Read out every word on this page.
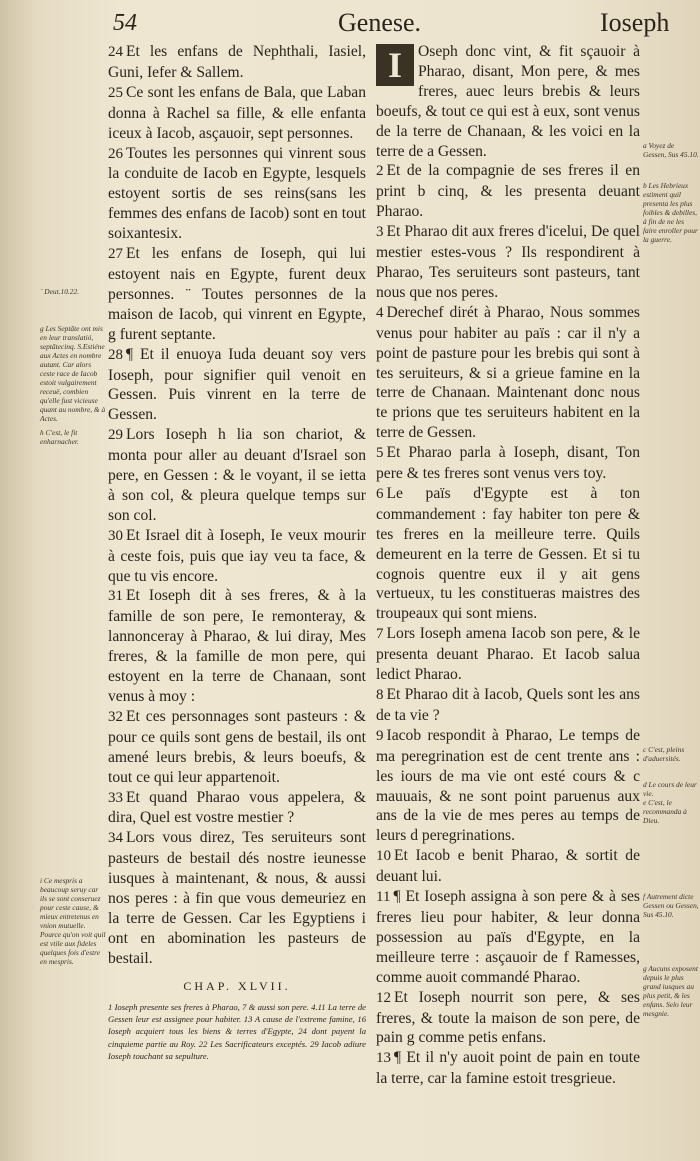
54	Genese.	Ioseph
¨ Deut.10.22.
g Les Septãte ont mis en leur translatió, septãtecinq. S.Estiéne aux Actes en nombre autant. Car alors ceste race de Iacob estoit vulgairement receuë, combien qu'elle fust vicieuse quant au nombre, & à Actes.
h C'est, le fit enharnacher.
i Ce mespris a beaucoup seruy car ils se sont conseruez pour ceste cause, & mieux entretenus en vnion mutuelle. Pource qu'on voit quil est vtile aux fideles quelques fois d'estre en mespris.
a Voyez de Gessen, Sus 45.10.
b Les Hebrieux estiment quil presenta les plus foibles & debilles, à fin de ne les faire enroller pour la guerre.
c C'est, pleins d'aduersités.
d Le cours de leur vie.
e C'est, le recommanda à Dieu.
f Autrement dicte Gessen ou Gessen, Sus 45.10.
g Aucuns exposent depuis le plus grand iusques au plus petit, & les enfans. Selo leur mesgnie.

24 Et les enfans de Nephthali, Iasiel, Guni, Iefer & Sallem.

25 Ce sont les enfans de Bala, que Laban donna à Rachel sa fille, & elle enfanta iceux à Iacob, asçauoir, sept personnes.

26 Toutes les personnes qui vinrent sous la conduite de Iacob en Egypte, lesquels estoyent sortis de ses reins(sans les femmes des enfans de Iacob) sont en tout soixantesix.

27 Et les enfans de Ioseph, qui lui estoyent nais en Egypte, furent deux personnes. ¨ Toutes personnes de la maison de Iacob, qui vinrent en Egypte, g furent septante.

28 ¶ Et il enuoya Iuda deuant soy vers Ioseph, pour signifier quil venoit en Gessen. Puis vinrent en la terre de Gessen.

29 Lors Ioseph h lia son chariot, & monta pour aller au deuant d'Israel son pere, en Gessen : & le voyant, il se ietta à son col, & pleura quelque temps sur son col.

30 Et Israel dit à Ioseph, Ie veux mourir à ceste fois, puis que iay veu ta face, & que tu vis encore.

31 Et Ioseph dit à ses freres, & à la famille de son pere, Ie remonteray, & lannonceray à Pharao, & lui diray, Mes freres, & la famille de mon pere, qui estoyent en la terre de Chanaan, sont venus à moy :

32 Et ces personnages sont pasteurs : & pour ce quils sont gens de bestail, ils ont amené leurs brebis, & leurs boeufs, & tout ce qui leur appartenoit.

33 Et quand Pharao vous appelera, & dira, Quel est vostre mestier ?

34 Lors vous direz, Tes seruiteurs sont pasteurs de bestail dés nostre ieunesse iusques à maintenant, & nous, & aussi nos peres : à fin que vous demeuriez en la terre de Gessen. Car les Egyptiens i ont en abomination les pasteurs de bestail.

CHAP. XLVII.
1 Ioseph presente ses freres à Pharao, 7 & aussi son pere. 4.11 La terre de Gessen leur est assignee pour habiter. 13 A cause de l'extreme famine, 16 Ioseph acquiert tous les biens & terres d'Egypte, 24 dont payent la cinquieme partie au Roy. 22 Les Sacrificateurs exceptés. 29 Iacob adiure Ioseph touchant sa sepulture.

I	Oseph donc vint, & fit sçauoir à Pharao, disant, Mon pere, & mes freres, auec leurs brebis & leurs boeufs, & tout ce qui est à eux, sont venus de la terre de Chanaan, & les voici en la terre de a Gessen.

2 Et de la compagnie de ses freres il en print b cinq, & les presenta deuant Pharao.

3 Et Pharao dit aux freres d'icelui, De quel mestier estes-vous ? Ils respondirent à Pharao, Tes seruiteurs sont pasteurs, tant nous que nos peres.

4 Derechef dirét à Pharao, Nous sommes venus pour habiter au païs : car il n'y a point de pasture pour les brebis qui sont à tes seruiteurs, & si a grieue famine en la terre de Chanaan. Maintenant donc nous te prions que tes seruiteurs habitent en la terre de Gessen.

5 Et Pharao parla à Ioseph, disant, Ton pere & tes freres sont venus vers toy.

6 Le païs d'Egypte est à ton commandement : fay habiter ton pere & tes freres en la meilleure terre. Quils demeurent en la terre de Gessen. Et si tu cognois quentre eux il y ait gens vertueux, tu les constitueras maistres des troupeaux qui sont miens.

7 Lors Ioseph amena Iacob son pere, & le presenta deuant Pharao. Et Iacob salua ledict Pharao.

8 Et Pharao dit à Iacob, Quels sont les ans de ta vie ?

9 Iacob respondit à Pharao, Le temps de ma peregrination est de cent trente ans : les iours de ma vie ont esté cours & c mauuais, & ne sont point paruenus aux ans de la vie de mes peres au temps de leurs d peregrinations.

10 Et Iacob e benit Pharao, & sortit de deuant lui.

11 ¶ Et Ioseph assigna à son pere & à ses freres lieu pour habiter, & leur donna possession au païs d'Egypte, en la meilleure terre : asçauoir de f Ramesses, comme auoit commandé Pharao.

12 Et Ioseph nourrit son pere, & ses freres, & toute la maison de son pere, de pain g comme petis enfans.

13 ¶ Et il n'y auoit point de pain en toute la terre, car la famine estoit tresgrieue.
